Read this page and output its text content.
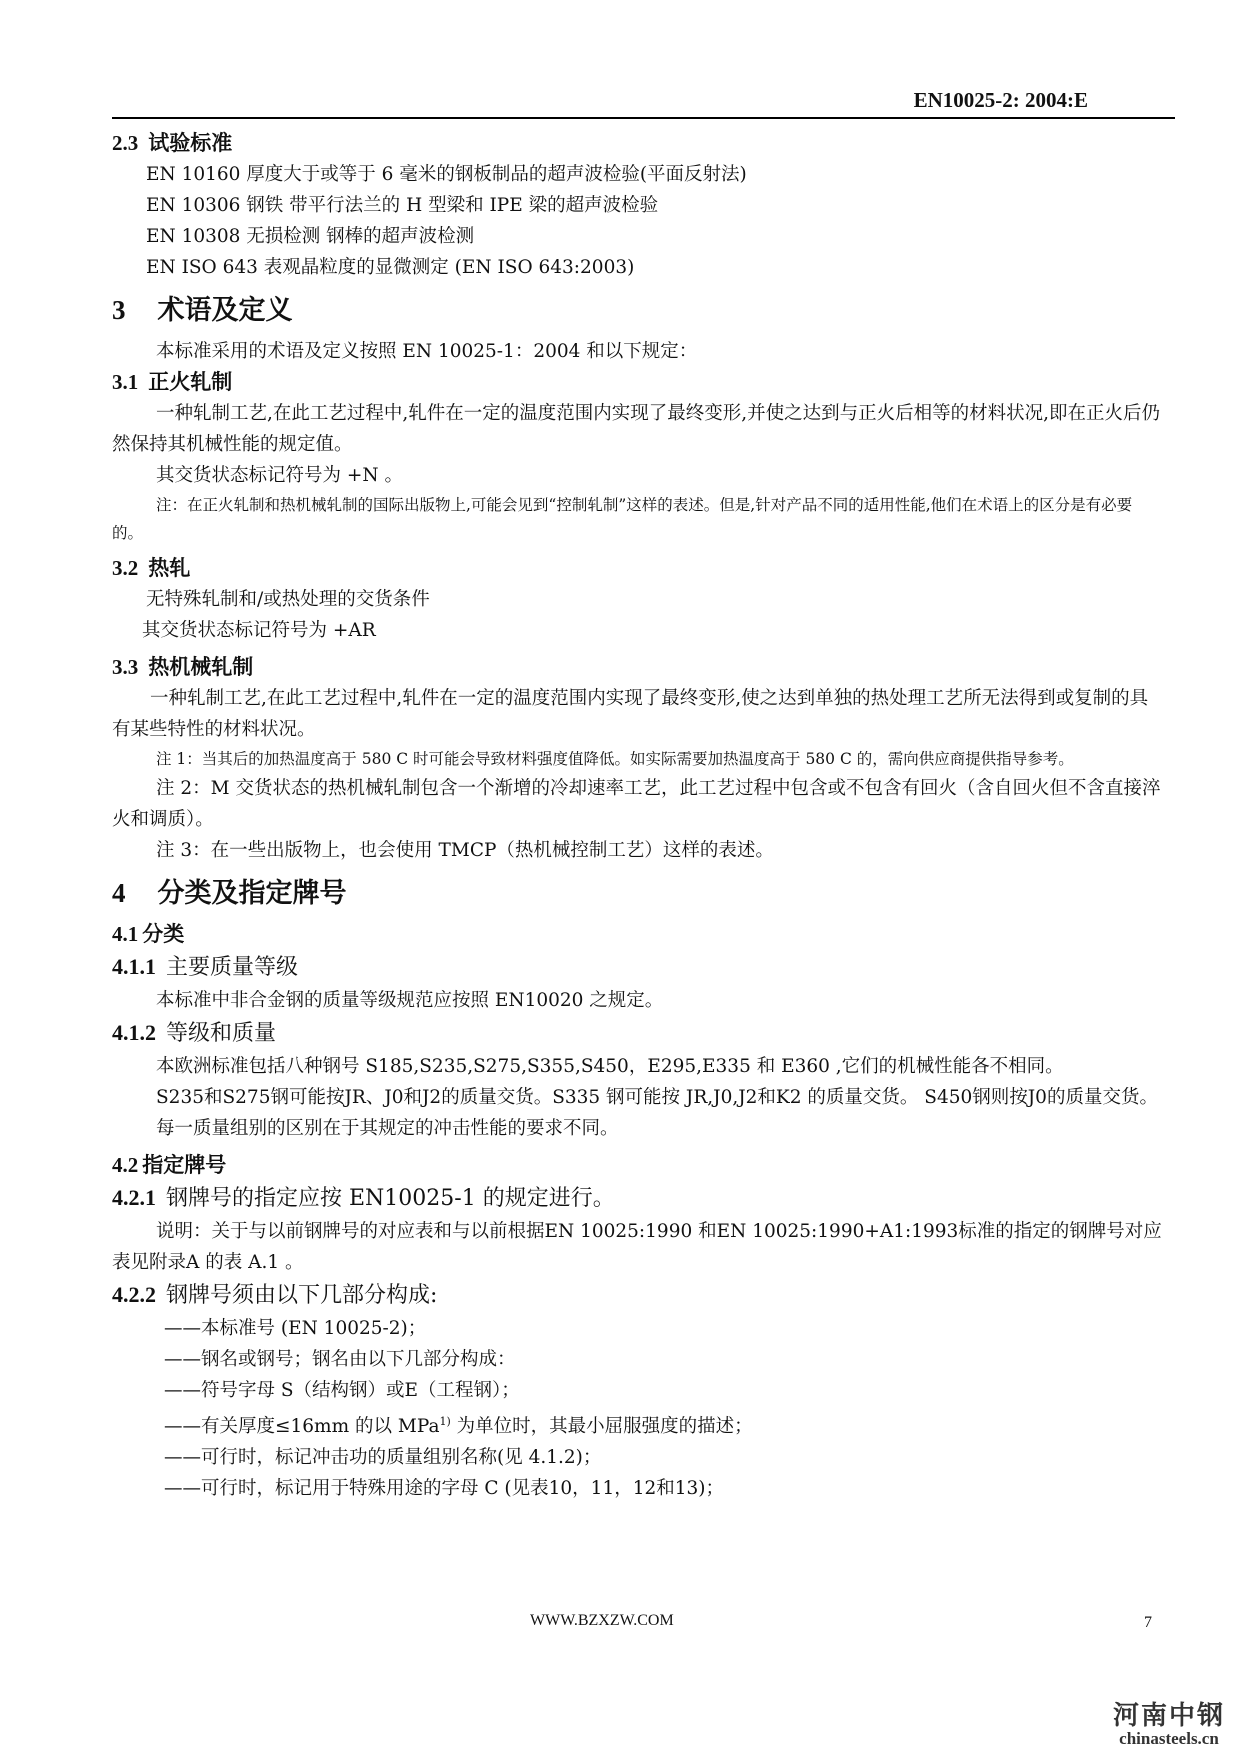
EN10025-2: 2004:E

2.3 试验标准

EN 10160 厚度大于或等于 6 毫米的钢板制品的超声波检验(平面反射法)

EN 10306 钢铁 带平行法兰的 H 型梁和 IPE 梁的超声波检验

EN 10308 无损检测 钢棒的超声波检测

EN ISO 643 表观晶粒度的显微测定 (EN ISO 643:2003)

3 术语及定义

本标准采用的术语及定义按照 EN 10025-1：2004 和以下规定：

3.1 正火轧制

一种轧制工艺,在此工艺过程中,轧件在一定的温度范围内实现了最终变形,并使之达到与正火后相等的材料状况,即在正火后仍然保持其机械性能的规定值。

其交货状态标记符号为 +N 。

注：在正火轧制和热机械轧制的国际出版物上,可能会见到“控制轧制”这样的表述。但是,针对产品不同的适用性能,他们在术语上的区分是有必要的。

3.2 热轧

无特殊轧制和/或热处理的交货条件

其交货状态标记符号为 +AR

3.3 热机械轧制

一种轧制工艺,在此工艺过程中,轧件在一定的温度范围内实现了最终变形,使之达到单独的热处理工艺所无法得到或复制的具有某些特性的材料状况。

注 1：当其后的加热温度高于 580 C 时可能会导致材料强度值降低。如实际需要加热温度高于 580 C 的，需向供应商提供指导参考。

注 2：M 交货状态的热机械轧制包含一个渐增的冷却速率工艺，此工艺过程中包含或不包含有回火（含自回火但不含直接淬火和调质）。

注 3：在一些出版物上，也会使用 TMCP（热机械控制工艺）这样的表述。

4 分类及指定牌号

4.1 分类

4.1.1 主要质量等级

本标准中非合金钢的质量等级规范应按照 EN10020 之规定。

4.1.2 等级和质量

本欧洲标准包括八种钢号 S185,S235,S275,S355,S450，E295,E335 和 E360 ,它们的机械性能各不相同。

S235和S275钢可能按JR、J0和J2的质量交货。S335 钢可能按 JR,J0,J2和K2 的质量交货。 S450钢则按J0的质量交货。

每一质量组别的区别在于其规定的冲击性能的要求不同。

4.2 指定牌号

4.2.1 钢牌号的指定应按 EN10025-1 的规定进行。

说明：关于与以前钢牌号的对应表和与以前根据EN 10025:1990 和EN 10025:1990+A1:1993标准的指定的钢牌号对应表见附录A 的表 A.1 。

4.2.2 钢牌号须由以下几部分构成:

——本标准号 (EN 10025-2)；

——钢名或钢号；钢名由以下几部分构成：

——符号字母 S（结构钢）或E（工程钢）；

——有关厚度≤16mm 的以 MPa$^{1)}$ 为单位时，其最小屈服强度的描述；

——可行时，标记冲击功的质量组别名称(见 4.1.2)；

——可行时，标记用于特殊用途的字母 C (见表10，11，12和13)；

WWW.BZXZW.COM	7
河南中钢
chinasteels.cn
